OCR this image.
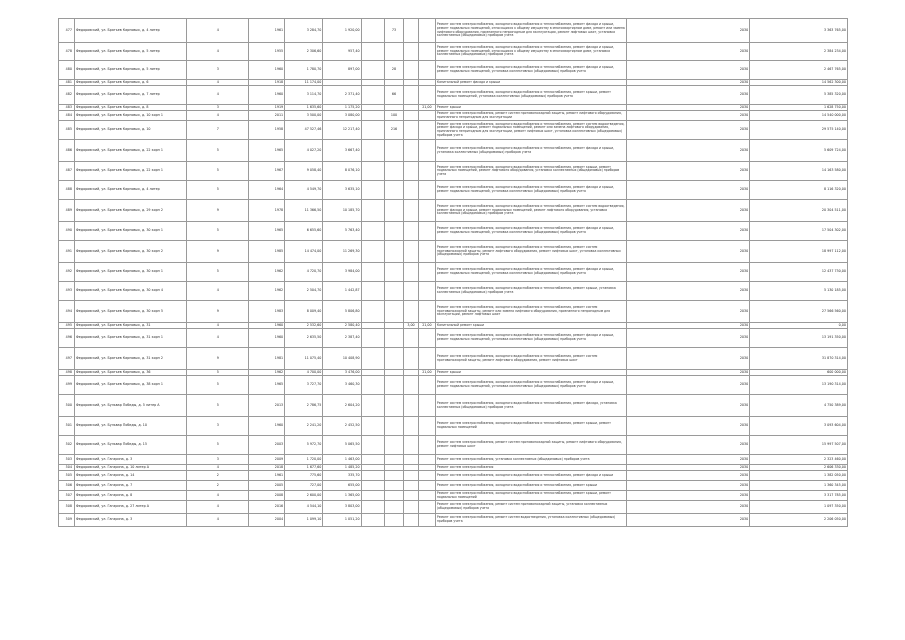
477	Федоровский, ул. Братьев Карповых, д. 4 литер	4	1961	3 284,70	1 920,00		73			Ремонт систем электроснабжения, холодного водоснабжения и теплоснабжения, ремонт фасада и крыши, ремонт подвальных помещений, относящихся к общему имуществу в многоквартирном доме, ремонт или замена лифтового оборудования, признанного непригодным для эксплуатации, ремонт лифтовых шахт, установка коллективных (общедомовых) приборов учета	2030	3 363 765,00
478	Федоровский, ул. Братьев Карповых, д. 5 литер	4	1955	2 306,60	957,40					Ремонт систем электроснабжения, холодного водоснабжения и теплоснабжения, ремонт фасада и крыши, ремонт подвальных помещений, относящихся к общему имуществу в многоквартирном доме, установка коллективных (общедомовых) приборов учета	2030	2 384 234,00
480	Федоровский, ул. Братьев Карповых, д. 5 литер	3	1960	1 780,70	897,00		28			Ремонт систем электроснабжения, холодного водоснабжения и теплоснабжения, ремонт фасада и крыши, ремонт подвальных помещений, установка коллективных (общедомовых) приборов учета	2030	2 467 765,00
481	Федоровский, ул. Братьев Карповых, д. 6	4	1918	11 174,00						Капитальный ремонт фасада и крыши	2030	14 562 300,00
482	Федоровский, ул. Братьев Карповых, д. 7 литер	4	1960	3 114,70	2 371,40		66			Ремонт систем электроснабжения, холодного водоснабжения и теплоснабжения, ремонт крыши, ремонт подвальных помещений, установка коллективных (общедомовых) приборов учета	2030	5 385 320,00
483	Федоровский, ул. Братьев Карповых, д. 8	3	1919	1 635,60	1 175,20				21,00	Ремонт крыши	2030	1 628 750,00
484	Федоровский, ул. Братьев Карповых, д. 10 корп 1	4	2011	3 500,00	3 080,00		100			Ремонт систем электроснабжения, ремонт систем противопожарной защиты, ремонт лифтового оборудования, признанного непригодным для эксплуатации	2030	14 540 000,00
485	Федоровский, ул. Братьев Карповых, д. 10	7	1958	47 527,46	12 217,40		216			Ремонт систем электроснабжения, холодного водоснабжения и теплоснабжения, ремонт систем водоотведения, ремонт фасада и крыши, ремонт подвальных помещений, ремонт или замена лифтового оборудования, признанного непригодным для эксплуатации, ремонт лифтовых шахт, установка коллективных (общедомовых) приборов учета	2030	29 575 140,00
486	Федоровский, ул. Братьев Карповых, д. 22 корп 1	5	1965	4 027,20	3 667,40					Ремонт систем электроснабжения, холодного водоснабжения и теплоснабжения, ремонт фасада и крыши, установка коллективных (общедомовых) приборов учета	2030	5 609 724,00
487	Федоровский, ул. Братьев Карповых, д. 22 корп 1	5	1967	9 058,40	8 076,10					Ремонт систем электроснабжения, холодного водоснабжения и теплоснабжения, ремонт крыши, ремонт подвальных помещений, ремонт лифтового оборудования, установка коллективных (общедомовых) приборов учета	2030	14 163 580,00
488	Федоровский, ул. Братьев Карповых, д. 4 литер	5	1964	4 549,70	3 635,10					Ремонт систем электроснабжения, холодного водоснабжения и теплоснабжения, ремонт фасада и крыши, ремонт подвальных помещений, установка коллективных (общедомовых) приборов учета	2030	8 116 320,00
489	Федоровский, ул. Братьев Карповых, д. 29 корп 2	9	1978	11 366,50	10 185,70					Ремонт систем электроснабжения, холодного водоснабжения и теплоснабжения, ремонт систем водоотведения, ремонт фасада и крыши, ремонт подвальных помещений, ремонт лифтового оборудования, установка коллективных (общедомовых) приборов учета	2030	20 304 511,00
490	Федоровский, ул. Братьев Карповых, д. 30 корп 1	5	1965	6 655,60	5 763,40					Ремонт систем электроснабжения, холодного водоснабжения и теплоснабжения, ремонт фасада и крыши, ремонт подвальных помещений, установка коллективных (общедомовых) приборов учета	2030	17 504 302,00
491	Федоровский, ул. Братьев Карповых, д. 30 корп 2	9	1985	14 474,00	11 269,30					Ремонт систем электроснабжения, холодного водоснабжения и теплоснабжения, ремонт систем противопожарной защиты, ремонт лифтового оборудования, ремонт лифтовых шахт, установка коллективных (общедомовых) приборов учета	2030	18 997 112,00
492	Федоровский, ул. Братьев Карповых, д. 30 корп 1	5	1962	4 720,70	3 984,00					Ремонт систем электроснабжения, холодного водоснабжения и теплоснабжения, ремонт фасада и крыши, ремонт подвальных помещений, установка коллективных (общедомовых) приборов учета	2030	12 437 730,00
493	Федоровский, ул. Братьев Карповых, д. 30 корп 4	4	1962	2 504,70	1 442,87					Ремонт систем электроснабжения, холодного водоснабжения и теплоснабжения, ремонт крыши, установка коллективных (общедомовых) приборов учета	2030	5 130 185,00
494	Федоровский, ул. Братьев Карповых, д. 30 корп 5	9	1983	8 009,40	5 806,80					Ремонт систем электроснабжения, холодного водоснабжения и теплоснабжения, ремонт систем противопожарной защиты, ремонт или замена лифтового оборудования, признанного непригодным для эксплуатации, ремонт лифтовых шахт	2030	27 566 560,00
495	Федоровский, ул. Братьев Карповых, д. 31	4	1960	2 532,60	2 580,40			3,00	21,00	Капитальный ремонт крыши	2030	0,00
496	Федоровский, ул. Братьев Карповых, д. 31 корп 1	4	1960	2 635,50	2 387,40					Ремонт систем электроснабжения, холодного водоснабжения и теплоснабжения, ремонт фасада и крыши, ремонт подвальных помещений, установка коллективных (общедомовых) приборов учета	2030	13 191 350,00
497	Федоровский, ул. Братьев Карповых, д. 31 корп 2	9	1981	11 075,40	10 408,90					Ремонт систем электроснабжения, холодного водоснабжения и теплоснабжения, ремонт систем противопожарной защиты, ремонт лифтового оборудования, ремонт лифтовых шахт	2030	31 870 314,00
498	Федоровский, ул. Братьев Карповых, д. 36	5	1962	4 700,00	3 476,00				21,00	Ремонт крыши	2030	600 000,00
499	Федоровский, ул. Братьев Карповых, д. 38 корп 1	5	1965	3 727,70	3 460,30					Ремонт систем электроснабжения, холодного водоснабжения и теплоснабжения, ремонт фасада и крыши, ремонт подвальных помещений, установка коллективных (общедомовых) приборов учета	2030	13 190 314,00
500	Федоровский, ул. Бульвар Победы, д. 5 литер А	5	2013	2 786,75	2 604,20					Ремонт систем электроснабжения, холодного водоснабжения и теплоснабжения, ремонт фасада, установка коллективных (общедомовых) приборов учета	2030	4 750 389,00
501	Федоровский, ул. Бульвар Победы, д. 10	3	1960	2 241,20	2 452,50					Ремонт систем электроснабжения, холодного водоснабжения и теплоснабжения, ремонт крыши, ремонт подвальных помещений	2030	3 093 604,00
502	Федоровский, ул. Бульвар Победы, д. 15	5	2003	5 972,70	5 065,50					Ремонт систем электроснабжения, ремонт систем противопожарной защиты, ремонт лифтового оборудования, ремонт лифтовых шахт	2030	15 997 507,00
503	Федоровский, ул. Гагарина, д. 3	3	2009	1 720,00	1 463,00					Ремонт систем электроснабжения, установка коллективных (общедомовых) приборов учета	2030	2 323 460,00
504	Федоровский, ул. Гагарина, д. 10 литер А	4	2018	1 677,60	1 485,20					Ремонт систем электроснабжения	2030	2 606 330,00
505	Федоровский, ул. Гагарина, д. 14	2	1961	775,60	335,70					Ремонт систем электроснабжения, холодного водоснабжения и теплоснабжения, ремонт фасада и крыши	2030	1 382 050,00
506	Федоровский, ул. Гагарина, д. 7	2	2005	727,00	655,00					Ремонт систем электроснабжения, холодного водоснабжения и теплоснабжения, ремонт крыши	2030	1 360 345,00
507	Федоровский, ул. Гагарина, д. 8	4	2008	2 600,00	1 365,00					Ремонт систем электроснабжения, холодного водоснабжения и теплоснабжения, ремонт крыши, ремонт подвальных помещений	2030	3 317 785,00
508	Федоровский, ул. Гагарина, д. 27 литер А	4	2016	4 544,10	3 803,00					Ремонт систем электроснабжения, ремонт систем противопожарной защиты, установка коллективных (общедомовых) приборов учета	2030	1 097 350,00
509	Федоровский, ул. Гагарина, д. 3	4	2004	1 099,10	1 051,20					Ремонт систем электроснабжения, ремонт систем водоотведения, установка коллективных (общедомовых) приборов учета	2030	2 206 050,00
